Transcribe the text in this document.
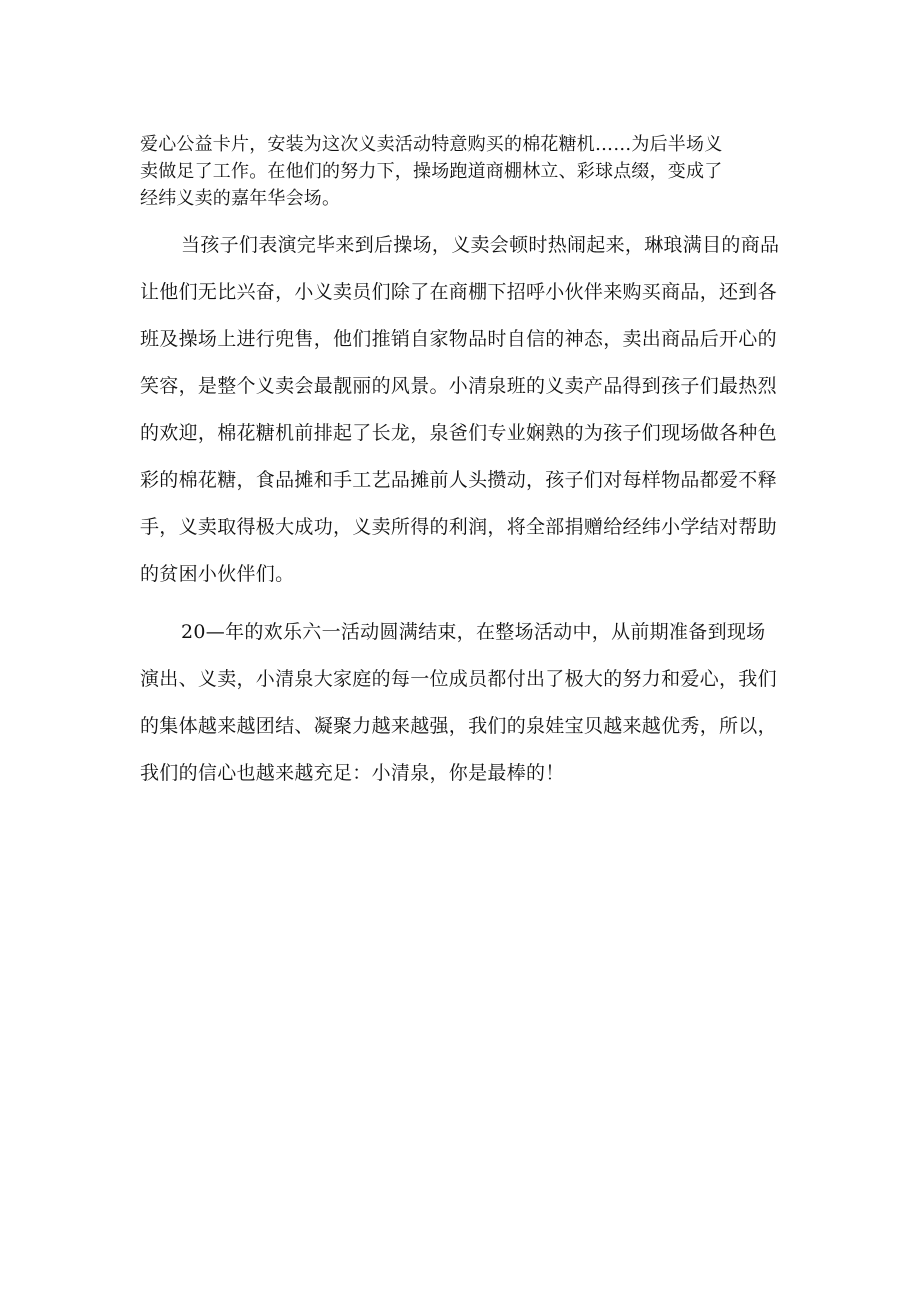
爱心公益卡片，安装为这次义卖活动特意购买的棉花糖机……为后半场义
卖做足了工作。在他们的努力下，操场跑道商棚林立、彩球点缀，变成了
经纬义卖的嘉年华会场。
当孩子们表演完毕来到后操场，义卖会顿时热闹起来，琳琅满目的商品
让他们无比兴奋，小义卖员们除了在商棚下招呼小伙伴来购买商品，还到各
班及操场上进行兜售，他们推销自家物品时自信的神态，卖出商品后开心的
笑容，是整个义卖会最靓丽的风景。小清泉班的义卖产品得到孩子们最热烈
的欢迎，棉花糖机前排起了长龙，泉爸们专业娴熟的为孩子们现场做各种色
彩的棉花糖，食品摊和手工艺品摊前人头攒动，孩子们对每样物品都爱不释
手，义卖取得极大成功，义卖所得的利润，将全部捐赠给经纬小学结对帮助
的贫困小伙伴们。
20—年的欢乐六一活动圆满结束，在整场活动中，从前期准备到现场
演出、义卖，小清泉大家庭的每一位成员都付出了极大的努力和爱心，我们
的集体越来越团结、凝聚力越来越强，我们的泉娃宝贝越来越优秀，所以，
我们的信心也越来越充足：小清泉，你是最棒的！
